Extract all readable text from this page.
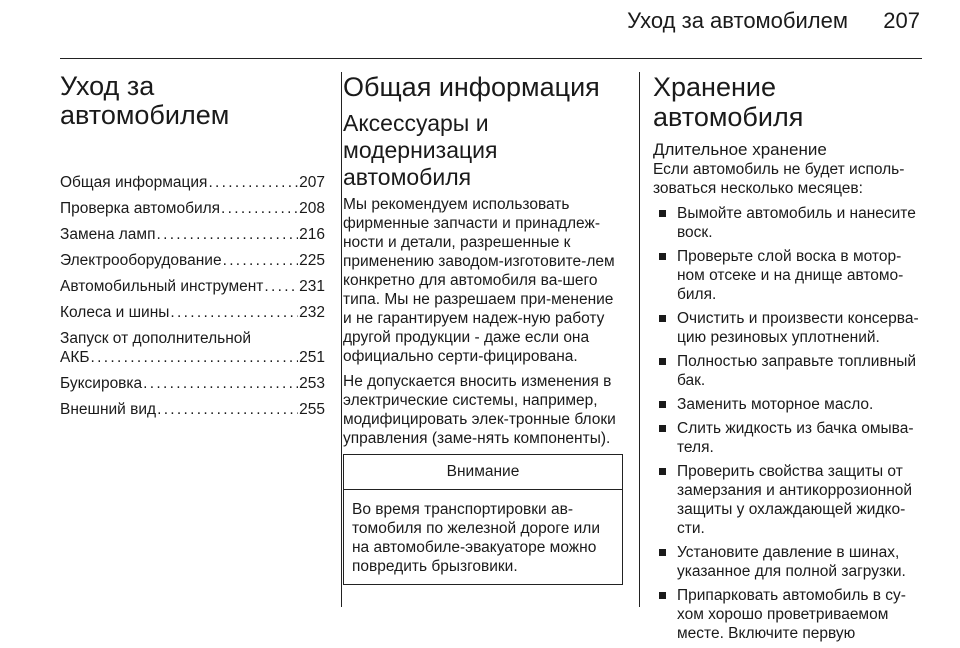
Уход за автомобилем 207
Уход за
автомобилем
Общая информация . . .	207
Проверка автомобиля . . .	208
Замена ламп . . .	216
Электрооборудование . . .	225
Автомобильный инструмент . . . 231
Колеса и шины . . .	232
Запуск от дополнительной
АКБ . . .	251
Буксировка . . .	253
Внешний вид . . .	255
Общая информация
Аксессуары и
модернизация
автомобиля

Мы рекомендуем использовать фирменные запчасти и принадлеж-ности и детали, разрешенные к применению заводом-изготовите-лем конкретно для автомобиля ва-шего типа. Мы не разрешаем при-менение и не гарантируем надеж-ную работу другой продукции - даже если она официально серти-фицирована.

Не допускается вносить изменения в электрические системы, например, модифицировать элек-тронные блоки управления (заме-нять компоненты).

Внимание
Во время транспортировки ав-томобиля по железной дороге или на автомобиле-эвакуаторе можно повредить брызговики.
Хранение автомобиля
Длительное хранение

Если автомобиль не будет исполь-зоваться несколько месяцев:

Вымойте автомобиль и нанесите воск.
Проверьте слой воска в мотор-ном отсеке и на днище автомо-биля.
Очистить и произвести консерва-цию резиновых уплотнений.
Полностью заправьте топливный бак.
Заменить моторное масло.
Слить жидкость из бачка омыва-теля.
Проверить свойства защиты от замерзания и антикоррозионной защиты у охлаждающей жидко-сти.
Установите давление в шинах, указанное для полной загрузки.
Припарковать автомобиль в су-хом хорошо проветриваемом месте. Включите первую
